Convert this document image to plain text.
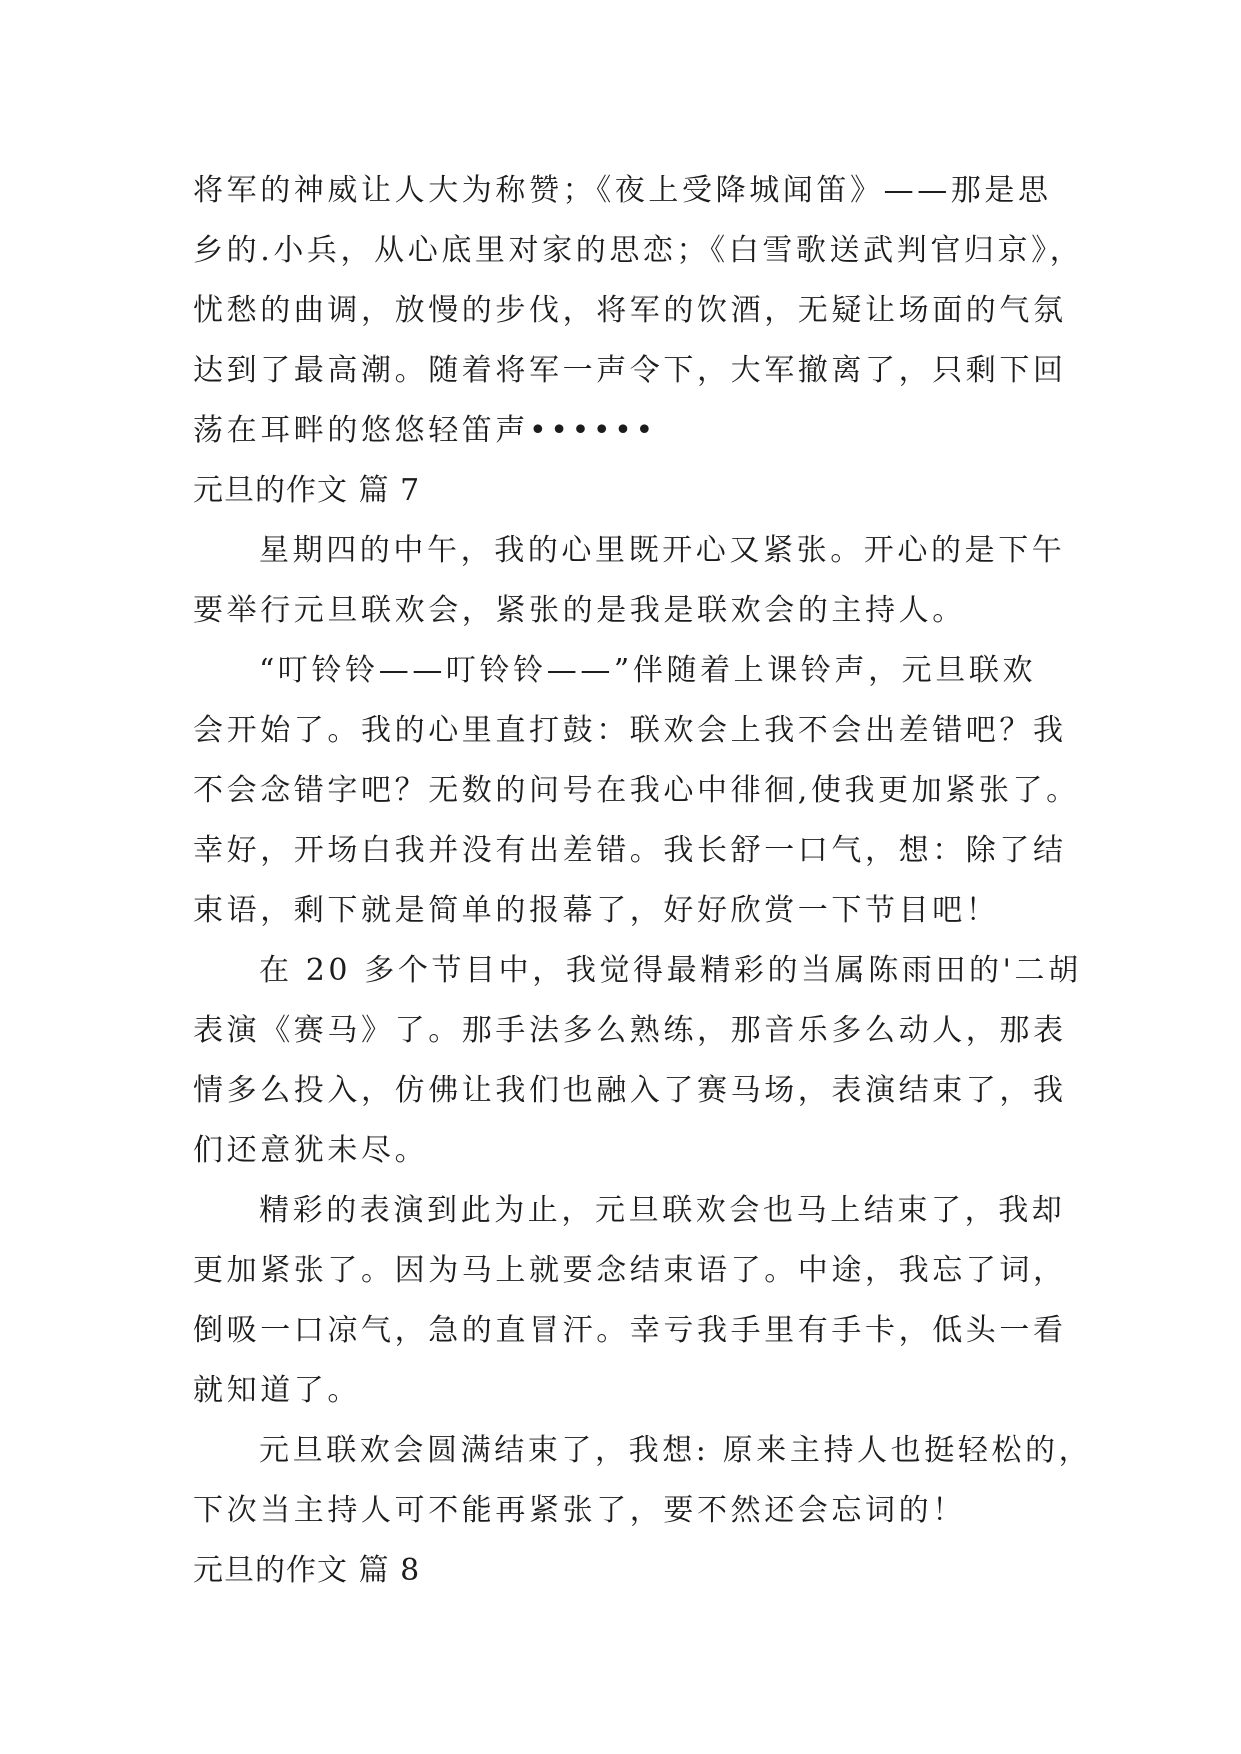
将军的神威让人大为称赞；《夜上受降城闻笛》——那是思
乡的.小兵，从心底里对家的思恋；《白雪歌送武判官归京》，
忧愁的曲调，放慢的步伐，将军的饮酒，无疑让场面的气氛
达到了最高潮。随着将军一声令下，大军撤离了，只剩下回
荡在耳畔的悠悠轻笛声••••••
元旦的作文 篇 7
星期四的中午，我的心里既开心又紧张。开心的是下午
要举行元旦联欢会，紧张的是我是联欢会的主持人。
“叮铃铃——叮铃铃——”伴随着上课铃声，元旦联欢
会开始了。我的心里直打鼓：联欢会上我不会出差错吧？我
不会念错字吧？无数的问号在我心中徘徊,使我更加紧张了。
幸好，开场白我并没有出差错。我长舒一口气，想：除了结
束语，剩下就是简单的报幕了，好好欣赏一下节目吧！
在 20 多个节目中，我觉得最精彩的当属陈雨田的'二胡
表演《赛马》了。那手法多么熟练，那音乐多么动人，那表
情多么投入，仿佛让我们也融入了赛马场，表演结束了，我
们还意犹未尽。
精彩的表演到此为止，元旦联欢会也马上结束了，我却
更加紧张了。因为马上就要念结束语了。中途，我忘了词，
倒吸一口凉气，急的直冒汗。幸亏我手里有手卡，低头一看
就知道了。
元旦联欢会圆满结束了，我想: 原来主持人也挺轻松的，
下次当主持人可不能再紧张了，要不然还会忘词的！
元旦的作文 篇 8
